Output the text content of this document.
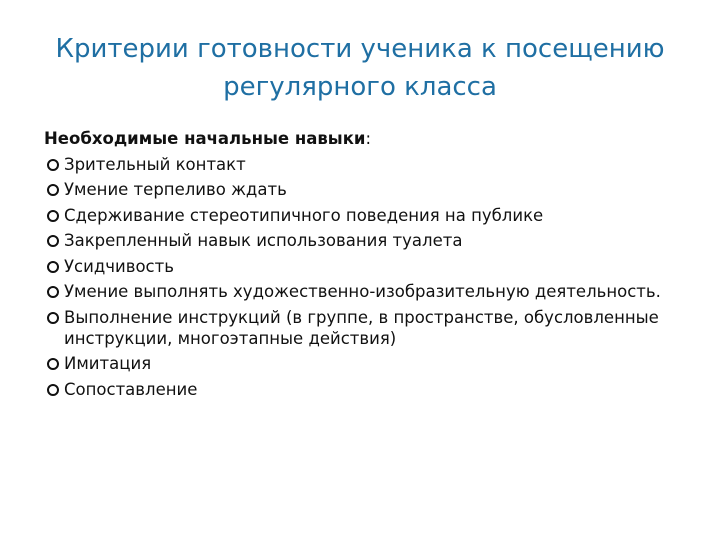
Критерии готовности ученика к посещению регулярного класса

Необходимые начальные навыки:

Зрительный контакт
Умение терпеливо ждать
Сдерживание стереотипичного поведения на публике
Закрепленный навык использования туалета
Усидчивость
Умение выполнять художественно-изобразительную деятельность.
Выполнение инструкций (в группе, в пространстве, обусловленные инструкции, многоэтапные действия)
Имитация
Сопоставление
